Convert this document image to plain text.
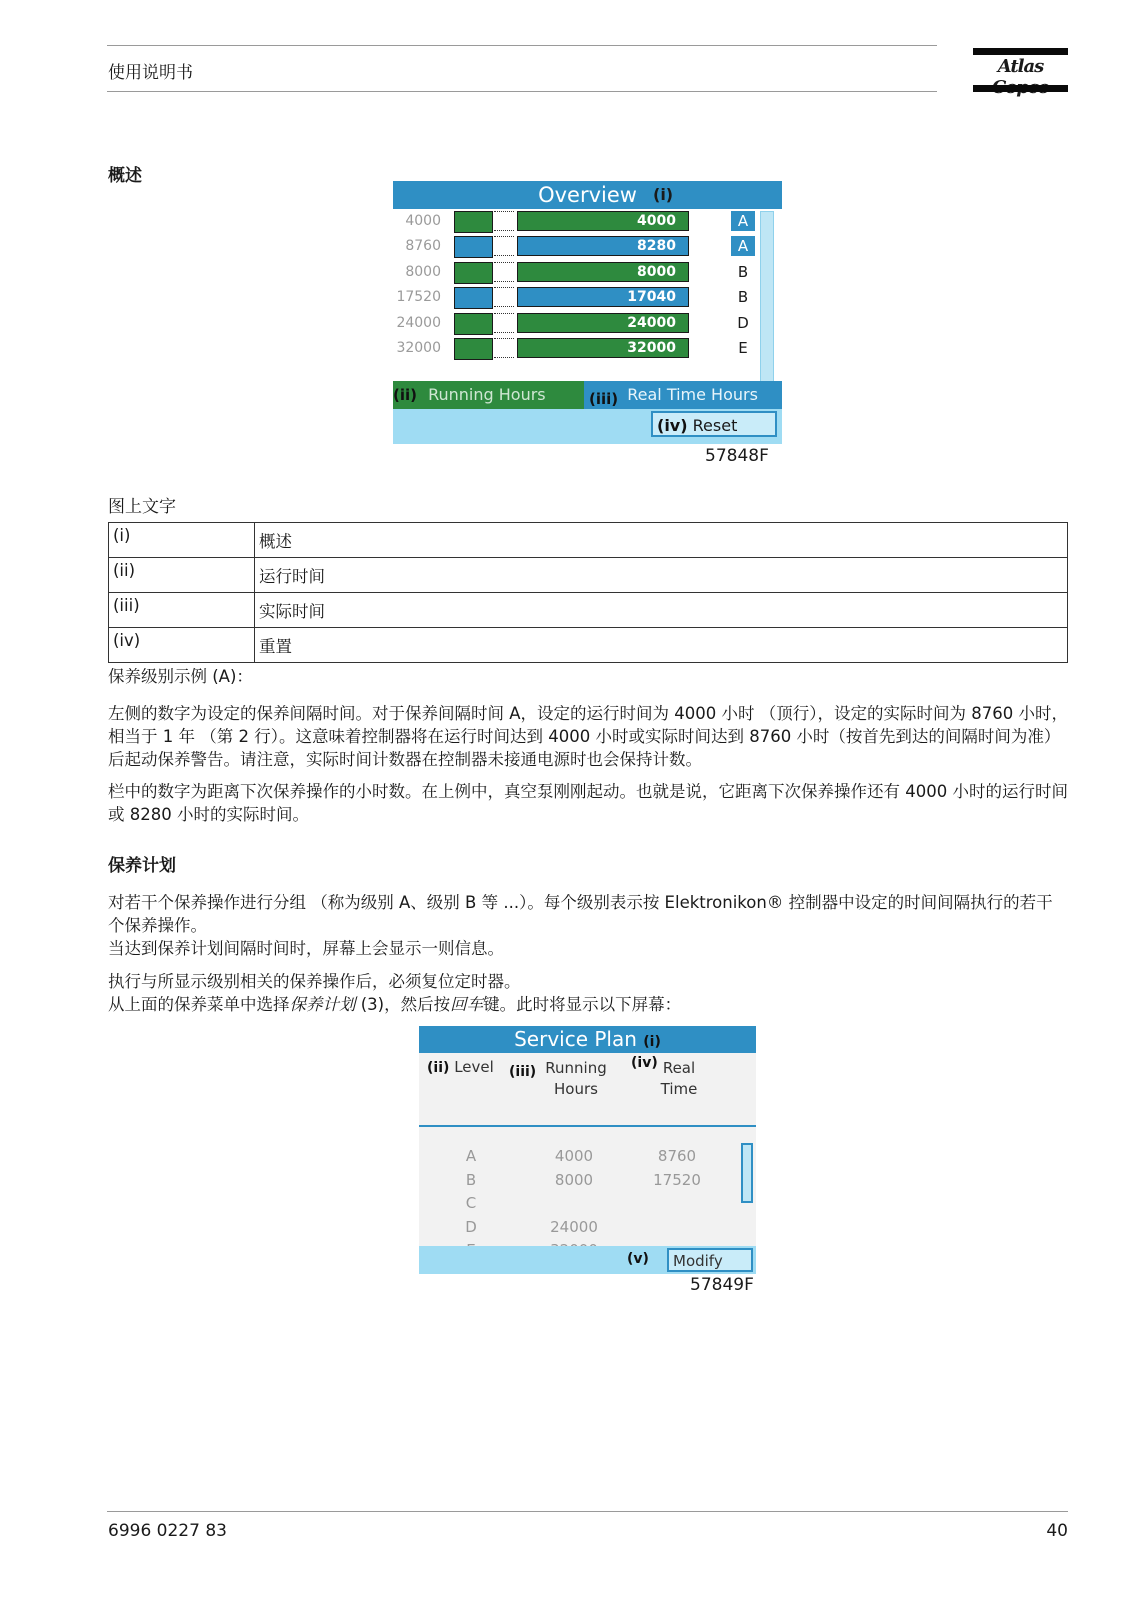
使用说明书	Atlas
概述
Overview	(i)
4000	4000	A
8760	8280	A
8000	8000	B
17520	17040	B
24000	24000	D
32000	32000	E
(ii) Running Hours	(iii) Real Time Hours
(iv) Reset
57848F
图上文字
(i)	概述
(ii)	运行时间
(iii)	实际时间
(iv)	重置
保养级别示例 (A)：
左侧的数字为设定的保养间隔时间。对于保养间隔时间 A，设定的运行时间为 4000 小时 （顶行），设定的实际时间为 8760 小时，相当于 1 年 （第 2 行）。这意味着控制器将在运行时间达到 4000 小时或实际时间达到 8760 小时（按首先到达的间隔时间为准）后起动保养警告。请注意，实际时间计数器在控制器未接通电源时也会保持计数。
栏中的数字为距离下次保养操作的小时数。在上例中，真空泵刚刚起动。也就是说，它距离下次保养操作还有 4000 小时的运行时间或 8280 小时的实际时间。
保养计划
对若干个保养操作进行分组 （称为级别 A、级别 B 等 ...）。每个级别表示按 Elektronikon® 控制器中设定的时间间隔执行的若干个保养操作。
当达到保养计划间隔时间时，屏幕上会显示一则信息。
执行与所显示级别相关的保养操作后，必须复位定时器。
从上面的保养菜单中选择保养计划 (3)，然后按回车键。此时将显示以下屏幕：
Service Plan (i)
(ii) Level (iii) Running
Hours
(iv) Real
Time
A	4000	8760
B	8000	17520
C
D	24000
(v)	Modify
57849F
6996 0227 83	40
